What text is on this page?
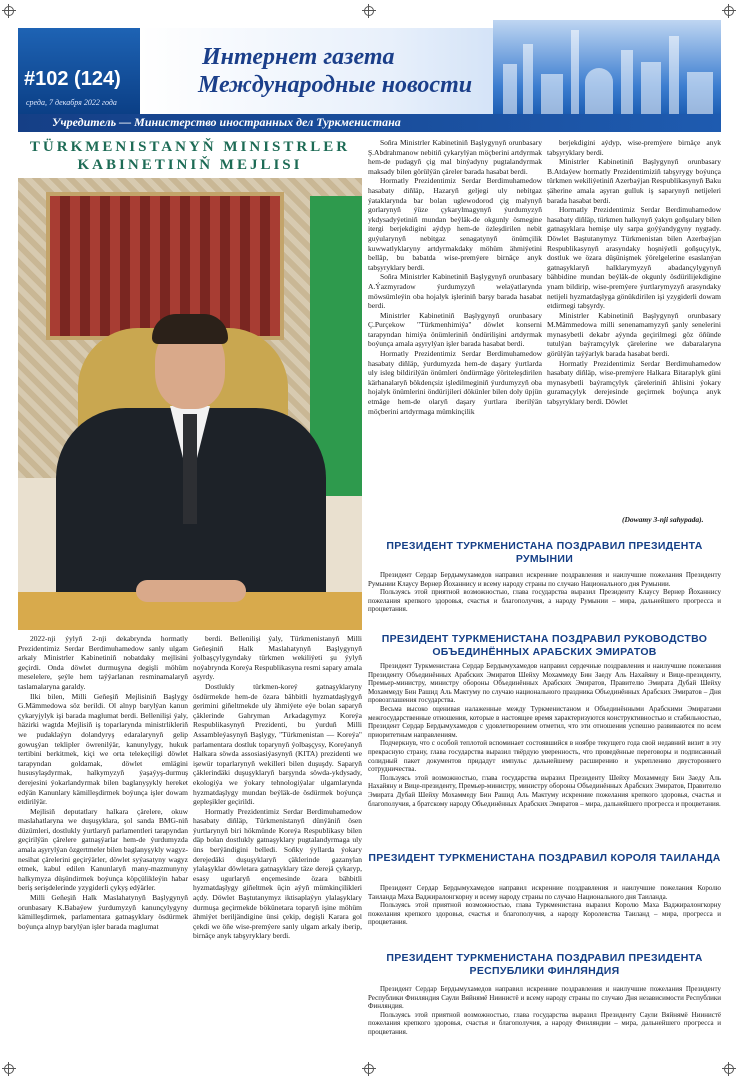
#102 (124)
среда, 7 декабря 2022 года
Интернет газета
Международные новости
Учредитель — Министерство иностранных дел Туркменистана
TÜRKMENISTANYŇ MINISTRLER
KABINETINIŇ MEJLISI

2022-nji ýylyň 2-nji dekabrynda hormatly Prezidentimiz Serdar Berdimuhamedow sanly ulgam arkaly Ministrler Kabinetiniň nobatdaky mejlisini geçirdi. Onda döwlet durmuşyna degişli möhüm meselelere, şeýle hem taýýarlanan resminamalaryň taslamalaryna garaldy.

Ilki bilen, Milli Geňeşiň Mejlisiniň Başlygy G.Mämmedowa söz berildi. Ol alnyp barylýan kanun çykaryjylyk işi barada maglumat berdi. Bellenilişi ýaly, häzirki wagtda Mejlisiň iş toparlarynda ministrlikleriň we pudaklaýyn dolandyryş edaralarynyň gelip gowuşýan teklipler öwrenilýär, kanunylygy, hukuk tertibini berkitmek, kiçi we orta telekeçiligi döwlet tarapyndan goldamak, döwlet emlägini hususylaşdyrmak, halkymyzyň ýaşaýyş-durmuş derejesini ýokarlandyrmak bilen baglanyşykly hereket edýän Kanunlary kämilleşdirmek boýunça işler dowam etdirilýär.

Mejlisiň deputatlary halkara çärelere, okuw maslahatlaryna we duşuşyklara, şol sanda BMG-niň düzümleri, dostlukly ýurtlaryň parlamentleri tarapyndan geçirilýän çärelere gatnaşýarlar hem-de ýurdumyzda amala aşyrylýan özgertmeler bilen baglanyşykly wagyz-nesihat çärelerini geçirýärler, döwlet syýasatyny wagyz etmek, kabul edilen Kanunlaryň many-mazmunyny halkymyza düşündirmek boýunça köpçülikleýin habar beriş serişdelerinde yzygiderli çykyş edýärler.

Milli Geňeşiň Halk Maslahatynyň Başlygynyň orunbasary K.Babaýew ýurdumyzyň kanunçylygyny kämilleşdirmek, parlamentara gatnaşyklary ösdürmek boýunça alnyp barylýan işler barada maglumat

berdi. Bellenilişi ýaly, Türkmenistanyň Milli Geňeşiniň Halk Maslahatynyň Başlygynyň ýolbaşçylygyndaky türkmen wekiliýeti şu ýylyň noýabrynda Koreýa Respublikasyna resmi sapary amala aşyrdy.

Dostlukly türkmen-koreý gatnaşyklaryny ösdürmekde hem-de özara bähbitli hyzmatdaşlygyň gerimini giňeltmekde uly ähmiýete eýe bolan saparyň çäklerinde Gahryman Arkadagymyz Koreýa Respublikasynyň Prezidenti, bu ýurduň Milli Assambleýasynyň Başlygy, "Türkmenistan — Koreýa" parlamentara dostluk toparynyň ýolbaşçysy, Koreýanyň Halkara söwda assosiasiýasynyň (KITA) prezidenti we işewür toparlarynyň wekilleri bilen duşuşdy. Saparyň çäklerindäki duşuşyklaryň barşynda söwda-ykdysady, ekologiýa we ýokary tehnologiýalar ulgamlarynda hyzmatdaşlygy mundan beýläk-de ösdürmek boýunça gepleşikler geçirildi.

Hormatly Prezidentimiz Serdar Berdimuhamedow hasabaty diňläp, Türkmenistanyň dünýäniň ösen ýurtlarynyň biri hökmünde Koreýa Respublikasy bilen däp bolan dostlukly gatnaşyklary pugtalandyrmaga uly üns berýändigini belledi. Soňky ýyllarda ýokary derejedäki duşuşyklaryň çäklerinde gazanylan ylalaşyklar döwletara gatnaşyklary täze derejä çykaryp, esasy ugurlaryň ençemesinde özara bähbitli hyzmatdaşlygy giňeltmek üçin aýyň mümkinçilikleri açdy. Döwlet Baştutanymyz iktisaplaýyn ylalaşyklary durmuşa geçirmekde bökünetara toparyň işine möhüm ähmiýet beriljändigine ünsi çekip, degişli Karara gol çekdi we öňe wise-premýere sanly ulgam arkaly iberip, birnäçe anyk tabşyryklary berdi.

Soňra Ministrler Kabinetiniň Başlygynyň orunbasary Ş.Abdrahmanow nebitiň çykarylýan möçberini artdyrmak hem-de pudagyň çig mal binýadyny pugtalandyrmak maksady bilen görülýän çäreler barada hasabat berdi.

Hormatly Prezidentimiz Serdar Berdimuhamedow hasabaty diňläp, Hazaryň geljegi uly nebitgaz ýataklarynda bar bolan uglewodorod çig malynyň gorlarynyň ýüze çykarylmagynyň ýurdumyzyň ykdysadyýetiniň mundan beýläk-de okgunly ösmegine itergi berjekdigini aýdyp hem-de özleşdirilen nebit guýularynyň nebitgaz senagatynyň önümçilik kuwwatlyklaryny artdyrmakdaky möhüm ähmiýetini belläp, bu babatda wise-premýere birnäçe anyk tabşyryklary berdi.

Soňra Ministrler Kabinetiniň Başlygynyň orunbasary A.Ýazmyradow ýurdumyzyň welaýatlarynda möwsümleýin oba hojalyk işleriniň barşy barada hasabat berdi.

Ministrler Kabinetiniň Başlygynyň orunbasary Ç.Purçekow "Türkmenhimiýa" döwlet konserni tarapyndan himiýa önümleriniň öndürilişini artdyrmak boýunça amala aşyrylýan işler barada hasabat berdi.

Hormatly Prezidentimiz Serdar Berdimuhamedow hasabaty diňläp, ýurdumyzda hem-de daşary ýurtlarda uly isleg bildirilýän önümleri öndürmäge ýöriteleşdirilen kärhanalaryň bökdençsiz işledilmeginiň ýurdumyzyň oba hojalyk önümlerini öndürijileri dökünler bilen doly üpjün etmäge hem-de olaryň daşary ýurtlara iberilýän möçberini artdyrmaga mümkinçilik

berjekdigini aýdyp, wise-premýere birnäçe anyk tabşyryklary berdi.

Ministrler Kabinetiniň Başlygynyň orunbasary B.Atdaýew hormatly Prezidentimiziň tabşyrygy boýunça türkmen wekiliýetiniň Azerbaýjan Respublikasynyň Baku şäherine amala aşyran gulluk iş saparynyň netijeleri barada hasabat berdi.

Hormatly Prezidentimiz Serdar Berdimuhamedow hasabaty diňläp, türkmen halkynyň ýakyn goňşulary bilen gatnaşyklara hemişe uly sarpa goýýandygyny nygtady. Döwlet Baştutanymyz Türkmenistan bilen Azerbaýjan Respublikasynyň arasyndaky hoşniýetli goňşuçylyk, dostluk we özara düşünişmek ýörelgelerine esaslanýan gatnaşyklaryň halklarymyzyň abadançylygynyň bähbidine mundan beýläk-de okgunly ösdürilijekdigine ynam bildirip, wise-premýere ýurtlarymyzyň arasyndaky netijeli hyzmatdaşlyga gönükdirilen işi yzygiderli dowam etdirmegi tabşyrdy.

Ministrler Kabinetiniň Başlygynyň orunbasary M.Mämmedowa milli senenamamyzyň şanly senelerini mynasybetli dekabr aýynda geçirilmegi göz öňünde tutulýan baýramçylyk çärelerine we dabaralaryna görülýän taýýarlyk barada hasabat berdi.

Hormatly Prezidentimiz Serdar Berdimuhamedow hasabaty diňläp, wise-premýere Halkara Bitaraplyk güni mynasybetli baýramçylyk çäreleriniň ählisini ýokary guramaçylyk derejesinde geçirmek boýunça anyk tabşyryklary berdi. Döwlet

(Dowamy 3-nji sahypada).
ПРЕЗИДЕНТ ТУРКМЕНИСТАНА ПОЗДРАВИЛ ПРЕЗИДЕНТА РУМЫНИИ

Президент Сердар Бердымухамедов направил искренние поздравления и наилучшие пожелания Президенту Румынии Клаусу Вернер Йоханнису и всему народу страны по случаю Национального дня Румынии.

Пользуясь этой приятной возможностью, глава государства выразил Президенту Клаусу Вернер Йоханнису пожелания крепкого здоровья, счастья и благополучия, а народу Румынии – мира, дальнейшего прогресса и процветания.

ПРЕЗИДЕНТ ТУРКМЕНИСТАНА ПОЗДРАВИЛ РУКОВОДСТВО ОБЪЕДИНЁННЫХ АРАБСКИХ ЭМИРАТОВ

Президент Туркменистана Сердар Бердымухамедов направил сердечные поздравления и наилучшие пожелания Президенту Объединённых Арабских Эмиратов Шейху Мохаммеду Бин Заеду Аль Нахайяну и Вице-президенту, Премьер-министру, министру обороны Объединённых Арабских Эмиратов, Правителю Эмирата Дубай Шейху Мохаммеду Бин Рашид Аль Мактуму по случаю национального праздника Объединённых Арабских Эмиратов – Дня провозглашения государства.

Весьма высоко оценивая налаженные между Туркменистаном и Объединёнными Арабскими Эмиратами межгосударственные отношения, которые в настоящее время характеризуются конструктивностью и стабильностью, Президент Сердар Бердымухамедов с удовлетворением отметил, что эти отношения успешно развиваются по всем приоритетным направлениям.

Подчеркнув, что с особой теплотой вспоминает состоявшийся в ноябре текущего года свой недавний визит в эту прекрасную страну, глава государства выразил твёрдую уверенность, что проведённые переговоры и подписанный солидный пакет документов придадут импульс дальнейшему расширению и укреплению двустороннего сотрудничества.

Пользуясь этой возможностью, глава государства выразил Президенту Шейху Мохаммеду Бин Заеду Аль Нахайяну и Вице-президенту, Премьер-министру, министру обороны Объединённых Арабских Эмиратов, Правителю Эмирата Дубай Шейху Мохаммеду Бин Рашид Аль Мактуму искренние пожелания крепкого здоровья, счастья и благополучия, а братскому народу Объединённых Арабских Эмиратов – мира, дальнейшего прогресса и процветания.

ПРЕЗИДЕНТ ТУРКМЕНИСТАНА ПОЗДРАВИЛ КОРОЛЯ ТАИЛАНДА

Президент Сердар Бердымухамедов направил искренние поздравления и наилучшие пожелания Королю Таиланда Маха Ваджиралонгкорну и всему народу страны по случаю Национального дня Таиланда.

Пользуясь этой приятной возможностью, глава Туркменистана выразил Королю Маха Ваджиралонгкорну пожелания крепкого здоровья, счастья и благополучия, а народу Королевства Таиланд – мира, прогресса и процветания.

ПРЕЗИДЕНТ ТУРКМЕНИСТАНА ПОЗДРАВИЛ ПРЕЗИДЕНТА РЕСПУБЛИКИ ФИНЛЯНДИЯ

Президент Сердар Бердымухамедов направил искренние поздравления и наилучшие пожелания Президенту Республики Финляндия Саули Вяйнямё Ниинистё и всему народу страны по случаю Дня независимости Республики Финляндия.

Пользуясь этой приятной возможностью, глава государства выразил Президенту Саули Вяйнямё Ниинистё пожелания крепкого здоровья, счастья и благополучия, а народу Финляндии – мира, дальнейшего прогресса и процветания.
